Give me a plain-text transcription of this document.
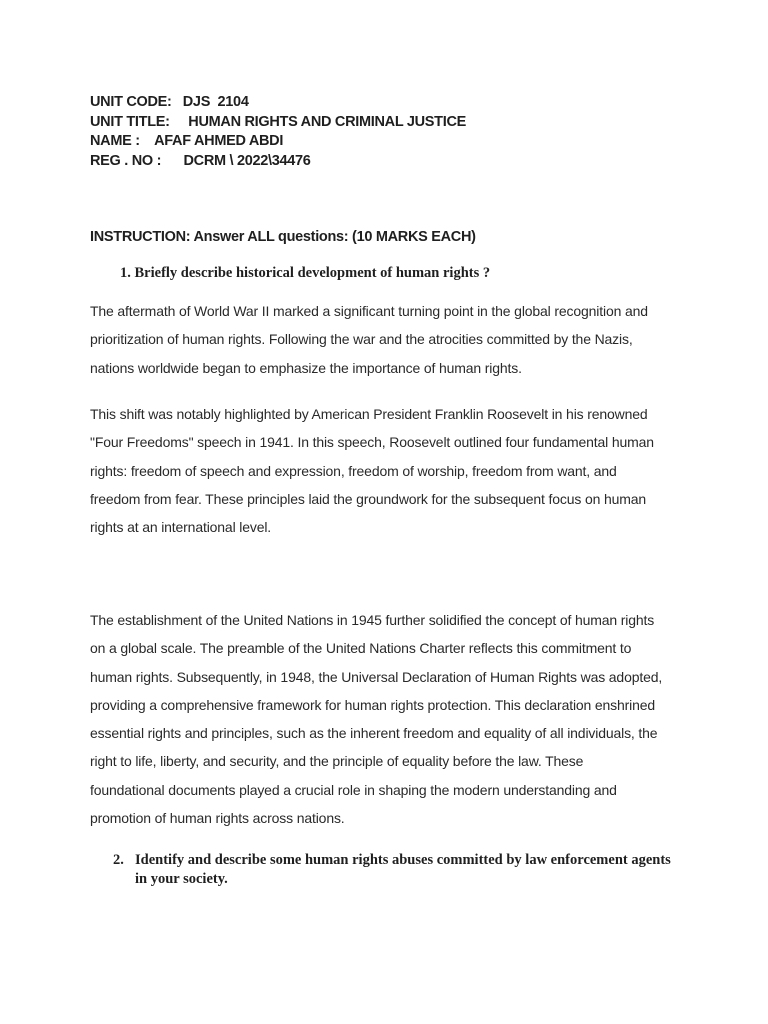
UNIT CODE:   DJS  2104
UNIT TITLE:     HUMAN RIGHTS AND CRIMINAL JUSTICE
NAME :    AFAF AHMED ABDI
REG . NO :      DCRM \ 2022\34476
INSTRUCTION: Answer ALL questions: (10 MARKS EACH)
1. Briefly describe historical development of human rights ?
The aftermath of World War II marked a significant turning point in the global recognition and
prioritization of human rights. Following the war and the atrocities committed by the Nazis,
nations worldwide began to emphasize the importance of human rights.
This shift was notably highlighted by American President Franklin Roosevelt in his renowned
"Four Freedoms" speech in 1941. In this speech, Roosevelt outlined four fundamental human
rights: freedom of speech and expression, freedom of worship, freedom from want, and
freedom from fear. These principles laid the groundwork for the subsequent focus on human
rights at an international level.
The establishment of the United Nations in 1945 further solidified the concept of human rights
on a global scale. The preamble of the United Nations Charter reflects this commitment to
human rights. Subsequently, in 1948, the Universal Declaration of Human Rights was adopted,
providing a comprehensive framework for human rights protection. This declaration enshrined
essential rights and principles, such as the inherent freedom and equality of all individuals, the
right to life, liberty, and security, and the principle of equality before the law. These
foundational documents played a crucial role in shaping the modern understanding and
promotion of human rights across nations.
2. Identify and describe some human rights abuses committed by law enforcement agents in your society.
